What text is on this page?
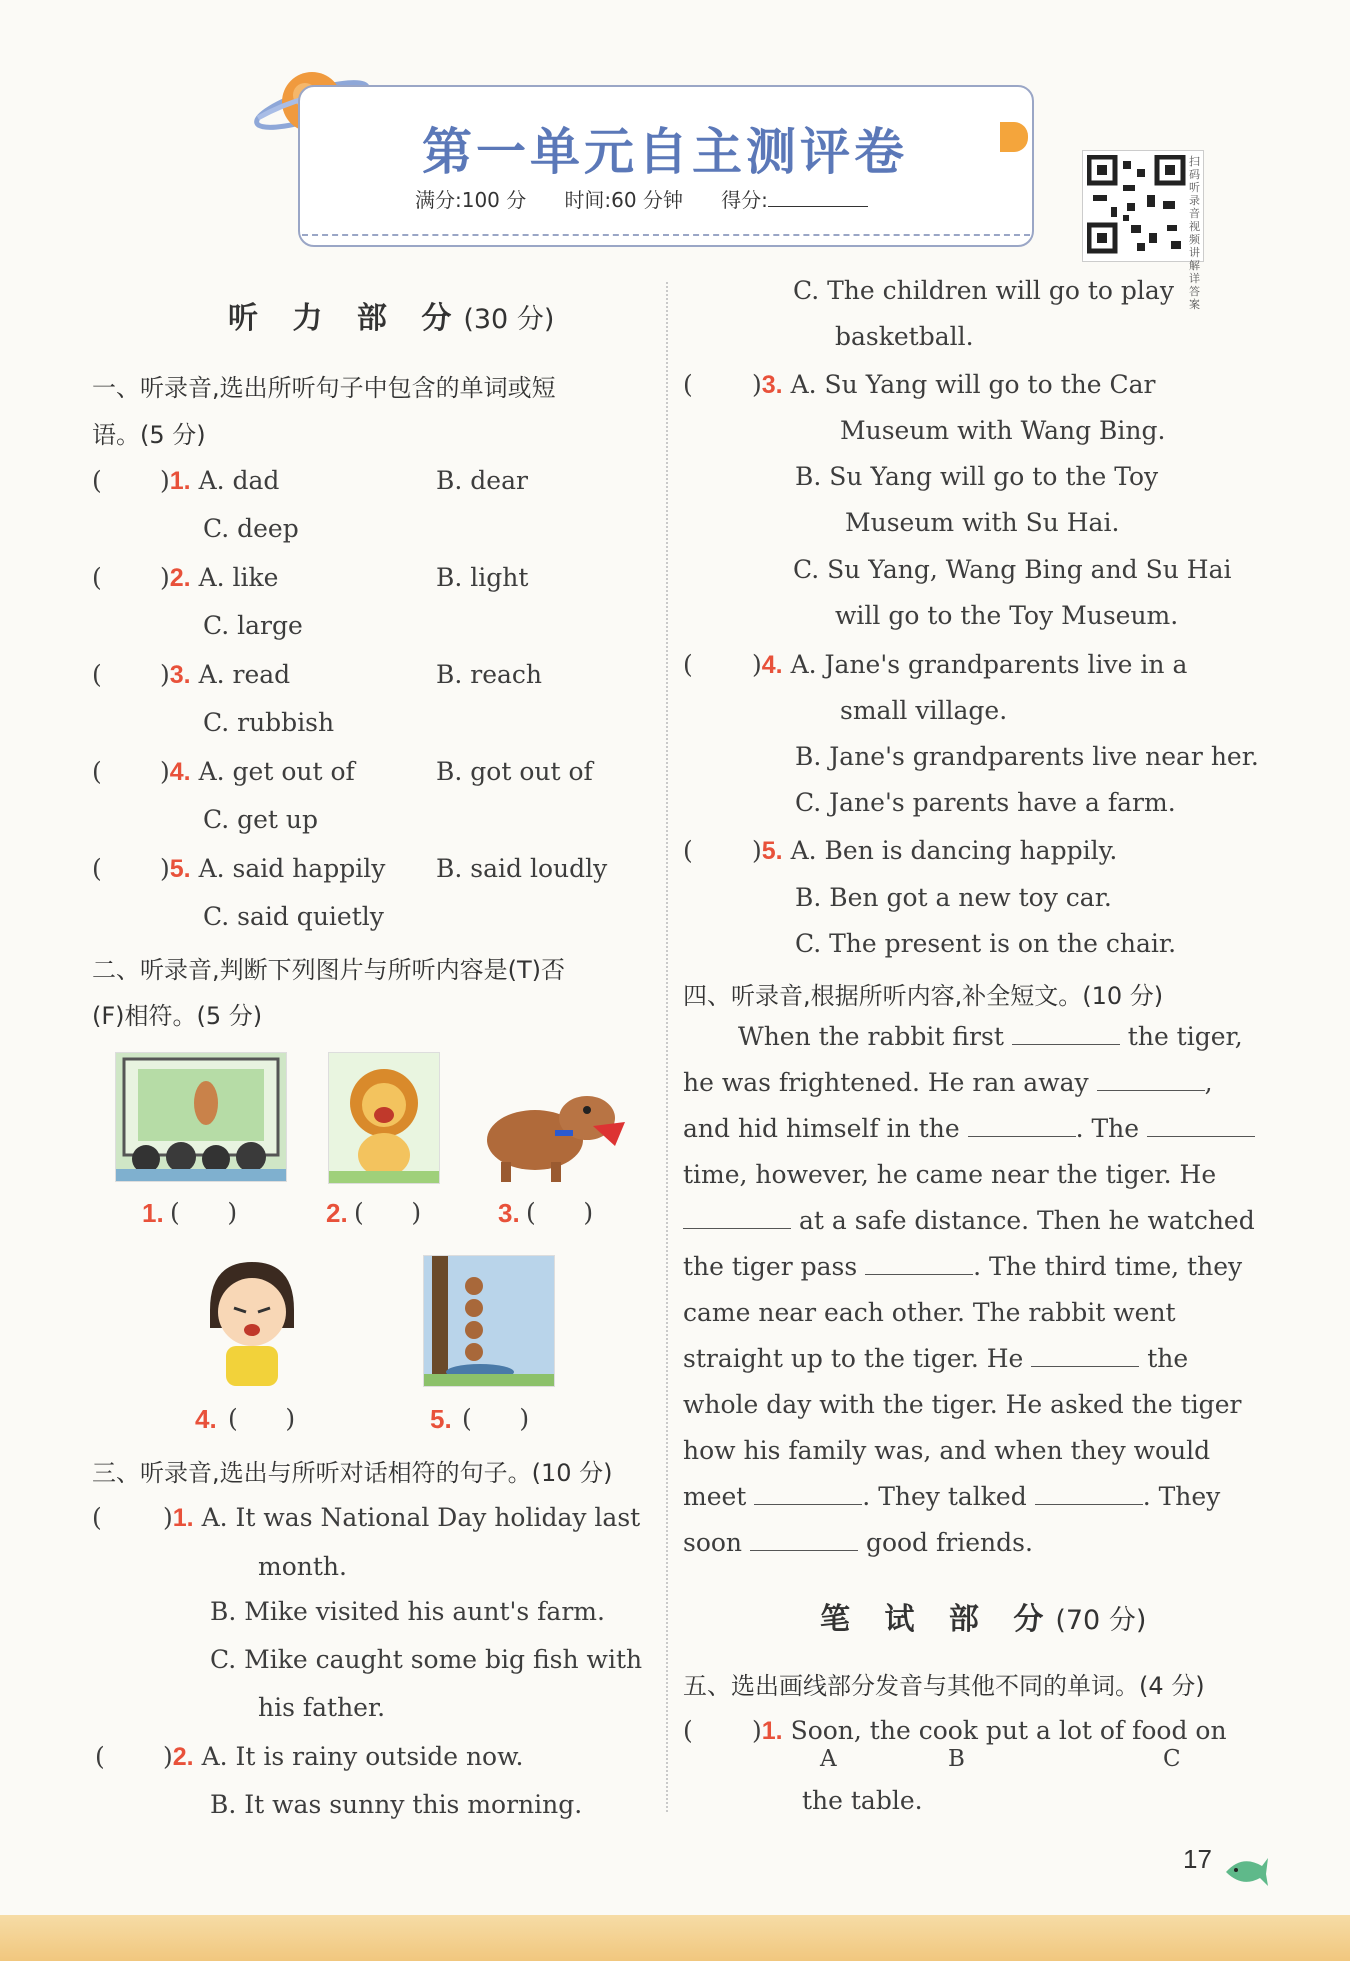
第一单元自主测评卷
满分:100 分 时间:60 分钟 得分:
扫码听录音 视频讲解 详答案
听 力 部 分(30 分)
一、听录音,选出所听句子中包含的单词或短
语。(5 分)
( )1. A. dad	B. dear
C. deep
( )2. A. like	B. light
C. large
( )3. A. read	B. reach
C. rubbish
( )4. A. get out of	B. got out of
C. get up
( )5. A. said happily B. said loudly
C. said quietly
二、听录音,判断下列图片与所听内容是(T)否
(F)相符。(5 分)
1. (      )	2. (      )	3. (      )
4. (      )	5. (      )
三、听录音,选出与所听对话相符的句子。(10 分)
( )1. A. It was National Day holiday last
month.
B. Mike visited his aunt's farm.
C. Mike caught some big fish with
his father.
( )2. A. It is rainy outside now.
B. It was sunny this morning.
C. The children will go to play
basketball.
( )3. A. Su Yang will go to the Car
Museum with Wang Bing.
B. Su Yang will go to the Toy
Museum with Su Hai.
C. Su Yang, Wang Bing and Su Hai
will go to the Toy Museum.
( )4. A. Jane's grandparents live in a
small village.
B. Jane's grandparents live near her.
C. Jane's parents have a farm.
( )5. A. Ben is dancing happily.
B. Ben got a new toy car.
C. The present is on the chair.
四、听录音,根据所听内容,补全短文。(10 分)
When the rabbit first	the tiger,
he was frightened. He ran away	,
and hid himself in the	. The
time, however, he came near the tiger. He
at a safe distance. Then he watched
the tiger pass	. The third time, they
came near each other. The rabbit went
straight up to the tiger. He	the
whole day with the tiger. He asked the tiger
how his family was, and when they would
meet	. They talked	. They
soon	good friends.
笔 试 部 分(70 分)
五、选出画线部分发音与其他不同的单词。(4 分)
( )1. Soon, the cook put a lot of food on
A	B	C
the table.
17
